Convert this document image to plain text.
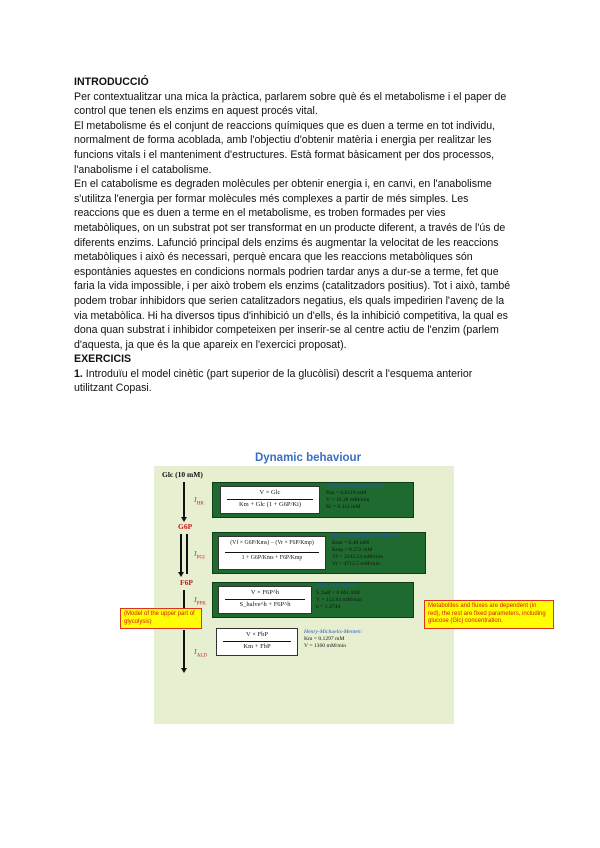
INTRODUCCIÓ

Per contextualitzar una mica la pràctica, parlarem sobre què és el metabolisme i el paper de

control que tenen els enzims en aquest procés vital.

El metabolisme és el conjunt de reaccions químiques que es duen a terme en tot individu,

normalment de forma acoblada, amb l'objectiu d'obtenir matèria i energia per realitzar les

funcions vitals i el manteniment d'estructures. Està format bàsicament per dos processos,

l'anabolisme i el catabolisme.

En el catabolisme es degraden molècules per obtenir energia i, en canvi, en l'anabolisme

s'utilitza l'energia per formar molècules més complexes a partir de més simples. Les

reaccions que es duen a terme en el metabolisme, es troben formades per vies

metabòliques, on un substrat pot ser transformat en un producte diferent, a través de l'ús de

diferents enzims. Lafunció principal dels enzims és augmentar la velocitat de les reaccions

metabòliques i això és necessari, perquè encara que les reaccions metabòliques són

espontànies aquestes en condicions normals podrien tardar anys a dur-se a terme, fet que

faria la vida impossible, i per això trobem els enzims (catalitzadors positius). Tot i això, també

podem trobar inhibidors que serien catalitzadors negatius, els quals impedirien l'avenç de la

via metabòlica. Hi ha diversos tipus d'inhibició un d'ells, és la inhibició competitiva, la qual es

dona quan substrat i inhibidor competeixen per inserir-se al centre actiu de l'enzim (parlem

d'aquesta, ja que és la que apareix en l'exercici proposat).

EXERCICIS

1. Introduïu el model cinètic (part superior de la glucòlisi) descrit a l'esquema anterior

utilitzant Copasi.

Dynamic behaviour
Glc (10 mM)
G6P
F6P
$J_{HK}$
$J_{PGI}$
$J_{PFK}$
$J_{ALD}$
V × Glc
Km + Glc (1 + G6P/Ki)
Uncompetitive inhibition:
Km = 0.0119 mM
V = 16.38 mM/min
Ki = 0.111 mM
(Vf × G6P/Kms) − (Vr × F6P/Kmp)
1 + G6P/Kms + F6P/Kmp
Reversible Michaelis-Menten:
Kms = 0.48 mM
Kmp = 0.272 mM
Vf = 3243.24 mM/min
Vr = 4712.5 mM/min
V × F6P^h
S_halve^h + F6P^h
Hill Cooperativity:
S_half = 0.061 mM
V = 112.84 mM/min
h = 1.4744
V × FbP
Km + FbP
Henry-Michaelis-Menten:
Km = 0.1297 mM
V = 1360 mM/min
(Model of the upper part of glycolysis)
Metabolites and fluxes are dependent (in red), the rest are fixed parameters, including glucose (Glc) concentration.
